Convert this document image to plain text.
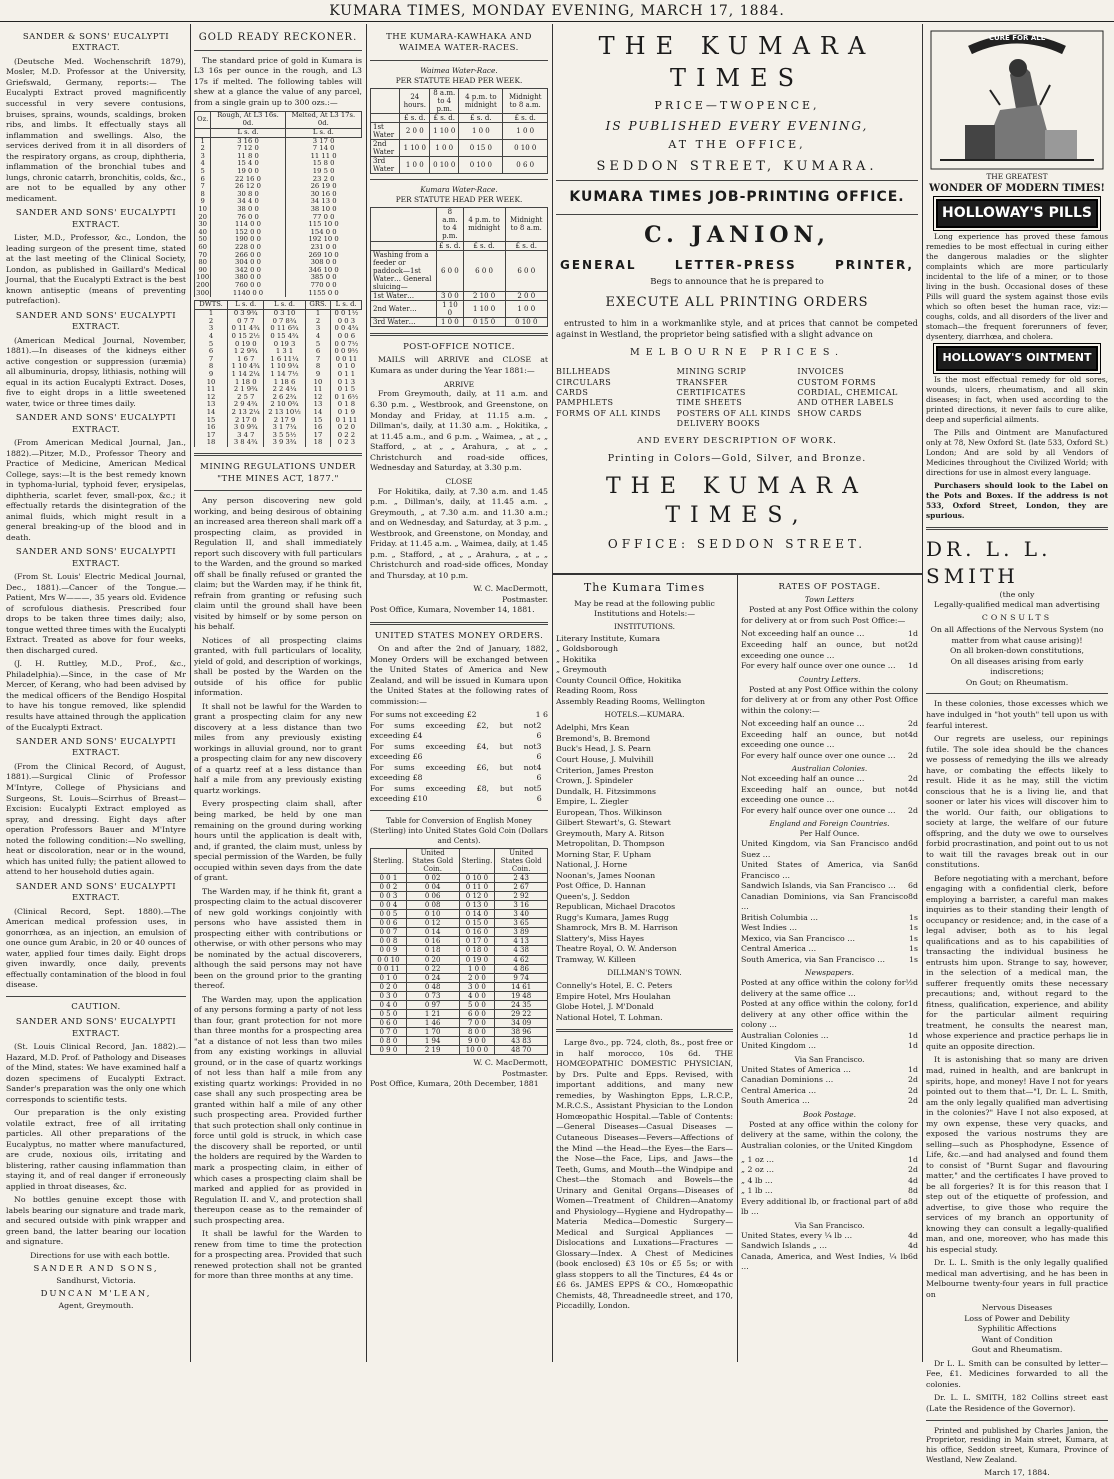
KUMARA TIMES, MONDAY EVENING, MARCH 17, 1884.
SANDER & SONS' EUCALYPTI EXTRACT.

(Deutsche Med. Wochenschrift 1879), Mosler, M.D. Professor at the University, Griefswald, Germany, reports:— The Eucalypti Extract proved magnificently successful in very severe contusions, bruises, sprains, wounds, scaldings, broken ribs, and limbs. It effectually stays all inflammation and swellings. Also, the services derived from it in all disorders of the respiratory organs, as croup, diphtheria, inflammation of the bronchial tubes and lungs, chronic catarrh, bronchitis, colds, &c., are not to be equalled by any other medicament.

SANDER AND SONS' EUCALYPTI EXTRACT.

Lister, M.D., Professor, &c., London, the leading surgeon of the present time, stated at the last meeting of the Clinical Society, London, as published in Gaillard's Medical Journal, that the Eucalypti Extract is the best known antiseptic (means of preventing putrefaction).

SANDER AND SONS' EUCALYPTI EXTRACT.

(American Medical Journal, November, 1881).—In diseases of the kidneys either active congestion or suppression (uræmia) all albuminuria, dropsy, lithiasis, nothing will equal in its action Eucalypti Extract. Doses, five to eight drops in a little sweetened water, twice or three times daily.

SANDER AND SONS' EUCALYPTI EXTRACT.

(From American Medical Journal, Jan., 1882).—Pitzer, M.D., Professor Theory and Practice of Medicine, American Medical College, says:—It is the best remedy known in typhoma-lurial, typhoid fever, erysipelas, diphtheria, scarlet fever, small-pox, &c.; it effectually retards the disintegration of the animal fluids, which might result in a general breaking-up of the blood and in death.

SANDER AND SONS' EUCALYPTI EXTRACT.

(From St. Louis' Electric Medical Journal, Dec., 1881).—Cancer of the Tongue.—Patient, Mrs W———, 35 years old. Evidence of scrofulous diathesis. Prescribed four drops to be taken three times daily; also, tongue wetted three times with the Eucalypti Extract. Treated as above for four weeks, then discharged cured.

(J. H. Ruttley, M.D., Prof., &c., Philadelphia).—Since, in the case of Mr Mercer, of Kerang, who had been advised by the medical officers of the Bendigo Hospital to have his tongue removed, like splendid results have attained through the application of the Eucalypti Extract.

SANDER AND SONS' EUCALYPTI EXTRACT.

(From the Clinical Record, of August, 1881).—Surgical Clinic of Professor M'Intyre, College of Physicians and Surgeons, St. Louis—Scirrhus of Breast—Excision: Eucalypti Extract employed as spray, and dressing. Eight days after operation Professors Bauer and M'Intyre noted the following condition:—No swelling, heat or discoloration, near or in the wound, which has united fully; the patient allowed to attend to her household duties again.

SANDER AND SONS' EUCALYPTI EXTRACT.

(Clinical Record, Sept. 1880).—The American medical profession uses, in gonorrhœa, as an injection, an emulsion of one ounce gum Arabic, in 20 or 40 ounces of water, applied four times daily. Eight drops given inwardly, once daily, prevents effectually contamination of the blood in foul disease.

CAUTION.
SANDER AND SONS' EUCALYPTI EXTRACT.

(St. Louis Clinical Record, Jan. 1882).—Hazard, M.D. Prof. of Pathology and Diseases of the Mind, states: We have examined half a dozen specimens of Eucalypti Extract. Sander's preparation was the only one which corresponds to scientific tests.

Our preparation is the only existing volatile extract, free of all irritating particles. All other preparations of the Eucalyptus, no matter where manufactured, are crude, noxious oils, irritating and blistering, rather causing inflammation than staying it, and of real danger if erroneously applied in throat diseases, &c.

No bottles genuine except those with labels bearing our signature and trade mark, and secured outside with pink wrapper and green band, the latter bearing our location and signature.

Directions for use with each bottle.

SANDER AND SONS,
Sandhurst, Victoria.
DUNCAN M'LEAN,
Agent, Greymouth.
GOLD READY RECKONER.

The standard price of gold in Kumara is L3 16s per ounce in the rough, and L3 17s if melted. The following tables will shew at a glance the value of any parcel, from a single grain up to 300 ozs.:—

Oz.	Rough, At L3 16s. 0d.	Melted, At L3 17s. 0d.
	L s. d.	L s. d.
1	3 16 0	3 17 0
2	7 12 0	7 14 0
3	11 8 0	11 11 0
4	15 4 0	15 8 0
5	19 0 0	19 5 0
6	22 16 0	23 2 0
7	26 12 0	26 19 0
8	30 8 0	30 16 0
9	34 4 0	34 13 0
10	38 0 0	38 10 0
20	76 0 0	77 0 0
30	114 0 0	115 10 0
40	152 0 0	154 0 0
50	190 0 0	192 10 0
60	228 0 0	231 0 0
70	266 0 0	269 10 0
80	304 0 0	308 0 0
90	342 0 0	346 10 0
100	380 0 0	385 0 0
200	760 0 0	770 0 0
300	1140 0 0	1155 0 0
DWTS.	L s. d.	L s. d.	GRS.	L s. d.
1	0 3 9¾	0 3 10	1	0 0 1½
2	0 7 7	0 7 8¾	2	0 0 3
3	0 11 4¾	0 11 6¾	3	0 0 4¾
4	0 15 2½	0 15 4¾	4	0 0 6
5	0 19 0	0 19 3	5	0 0 7½
6	1 2 9¾	1 3 1	6	0 0 9½
7	1 6 7	1 6 11¼	7	0 0 11
8	1 10 4¾	1 10 9¼	8	0 1 0
9	1 14 2¼	1 14 7½	9	0 1 1
10	1 18 0	1 18 6	10	0 1 3
11	2 1 9¾	2 2 4¼	11	0 1 5
12	2 5 7	2 6 2¾	12	0 1 6½
13	2 9 4¾	2 10 0¾	13	0 1 8
14	2 13 2¼	2 13 10½	14	0 1 9
15	2 17 0	2 17 9	15	0 1 11
16	3 0 9¾	3 1 7¼	16	0 2 0
17	3 4 7	3 5 5½	17	0 2 2
18	3 8 4¾	3 9 3¾	18	0 2 3
MINING REGULATIONS UNDER "THE MINES ACT, 1877."

Any person discovering new gold working, and being desirous of obtaining an increased area thereon shall mark off a prospecting claim, as provided in Regulation II, and shall immediately report such discovery with full particulars to the Warden, and the ground so marked off shall be finally refused or granted the claim; but the Warden may, if he think fit, refrain from granting or refusing such claim until the ground shall have been visited by himself or by some person on his behalf.

Notices of all prospecting claims granted, with full particulars of locality, yield of gold, and description of workings, shall be posted by the Warden on the outside of his office for public information.

It shall not be lawful for the Warden to grant a prospecting claim for any new discovery at a less distance than two miles from any previously existing workings in alluvial ground, nor to grant a prospecting claim for any new discovery of a quartz reef at a less distance than half a mile from any previously existing quartz workings.

Every prospecting claim shall, after being marked, be held by one man remaining on the ground during working hours until the application is dealt with, and, if granted, the claim must, unless by special permission of the Warden, be fully occupied within seven days from the date of grant.

The Warden may, if he think fit, grant a prospecting claim to the actual discoverer of new gold workings conjointly with persons who have assisted them in prospecting either with contributions or otherwise, or with other persons who may be nominated by the actual discoverers, although the said persons may not have been on the ground prior to the granting thereof.

The Warden may, upon the application of any persons forming a party of not less than four, grant protection for not more than three months for a prospecting area "at a distance of not less than two miles from any existing workings in alluvial ground, or in the case of quartz workings of not less than half a mile from any existing quartz workings: Provided in no case shall any such prospecting area be granted within half a mile of any other such prospecting area. Provided further that such protection shall only continue in force until gold is struck, in which case the discovery shall be reported, or until the holders are required by the Warden to mark a prospecting claim, in either of which cases a prospecting claim shall be marked and applied for as provided in Regulation II. and V., and protection shall thereupon cease as to the remainder of such prospecting area.

It shall be lawful for the Warden to renew from time to time the protection for a prospecting area. Provided that such renewed protection shall not be granted for more than three months at any time.

THE KUMARA-KAWHAKA AND WAIMEA WATER-RACES.
Waimea Water-Race.
PER STATUTE HEAD PER WEEK.
	24 hours.	8 a.m. to 4 p.m.	4 p.m. to midnight	Midnight to 8 a.m.
	£ s. d.	£ s. d.	£ s. d.	£ s. d.
1st Water	2 0 0	1 10 0	1 0 0	1 0 0
2nd Water	1 10 0	1 0 0	0 15 0	0 10 0
3rd Water	1 0 0	0 10 0	0 10 0	0 6 0
Kumara Water-Race.
PER STATUTE HEAD PER WEEK.
	8 a.m. to 4 p.m.	4 p.m. to midnight	Midnight to 8 a.m.
	£ s. d.	£ s. d.	£ s. d.
Washing from a feeder or paddock—1st Water… General sluicing—	6 0 0	6 0 0	6 0 0
1st Water…	3 0 0	2 10 0	2 0 0
2nd Water…	1 10 0	1 10 0	1 0 0
3rd Water…	1 0 0	0 15 0	0 10 0
POST-OFFICE NOTICE.

MAILS will ARRIVE and CLOSE at Kumara as under during the Year 1881:—

ARRIVE

From Greymouth, daily, at 11 a.m. and 6.30 p.m. „ Westbrook, and Greenstone, on Monday and Friday, at 11.15 a.m. „ Dillman's, daily, at 11.30 a.m. „ Hokitika, „ at 11.45 a.m., and 6 p.m. „ Waimea, „ at „ „ Stafford, „ at „ „ Arahura, „ at „ „ Christchurch and road-side offices, Wednesday and Saturday, at 3.30 p.m.

CLOSE

For Hokitika, daily, at 7.30 a.m. and 1.45 p.m. „ Dillman's, daily, at 11.45 a.m. „ Greymouth, „ at 7.30 a.m. and 11.30 a.m.; and on Wednesday, and Saturday, at 3 p.m. „ Westbrook, and Greenstone, on Monday, and Friday. at 11.45 a.m. „ Waimea, daily, at 1.45 p.m. „ Stafford, „ at „ „ Arahura, „ at „ „ Christchurch and road-side offices, Monday and Thursday, at 10 p.m.

W. C. MacDermott,
Postmaster.
Post Office, Kumara, November 14, 1881.
UNITED STATES MONEY ORDERS.

On and after the 2nd of January, 1882, Money Orders will be exchanged between the United States of America and New Zealand, and will be issued in Kumara upon the United States at the following rates of commission:—

For sums not exceeding £2	1 6
For sums exceeding £2, but not exceeding £4
2 6
For sums exceeding £4, but not exceeding £6
3 6
For sums exceeding £6, but not exceeding £8
4 6
For sums exceeding £8, but not exceeding £10
5 6
Table for Conversion of English Money (Sterling) into United States Gold Coin (Dollars and Cents).
Sterling.	United States Gold Coin.	Sterling.	United States Gold Coin.
0 0 1	0 02	0 10 0	2 43
0 0 2	0 04	0 11 0	2 67
0 0 3	0 06	0 12 0	2 92
0 0 4	0 08	0 13 0	3 16
0 0 5	0 10	0 14 0	3 40
0 0 6	0 12	0 15 0	3 65
0 0 7	0 14	0 16 0	3 89
0 0 8	0 16	0 17 0	4 13
0 0 9	0 18	0 18 0	4 38
0 0 10	0 20	0 19 0	4 62
0 0 11	0 22	1 0 0	4 86
0 1 0	0 24	2 0 0	9 74
0 2 0	0 48	3 0 0	14 61
0 3 0	0 73	4 0 0	19 48
0 4 0	0 97	5 0 0	24 35
0 5 0	1 21	6 0 0	29 22
0 6 0	1 46	7 0 0	34 09
0 7 0	1 70	8 0 0	38 96
0 8 0	1 94	9 0 0	43 83
0 9 0	2 19	10 0 0	48 70
W. C. MacDermott,
Postmaster.
Post Office, Kumara, 20th December, 1881
THE KUMARA TIMES
PRICE—TWOPENCE,
IS PUBLISHED EVERY EVENING,
AT THE OFFICE,
SEDDON STREET, KUMARA.
KUMARA TIMES JOB-PRINTING OFFICE.
C. JANION,
GENERAL	LETTER-PRESS	PRINTER,
Begs to announce that he is prepared to
EXECUTE ALL PRINTING ORDERS

entrusted to him in a workmanlike style, and at prices that cannot be competed against in Westland, the proprietor being satisfied with a slight advance on

MELBOURNE PRICES.
BILLHEADS
CIRCULARS
CARDS
PAMPHLETS
FORMS OF ALL KINDS
MINING SCRIP
TRANSFER CERTIFICATES
TIME SHEETS
POSTERS OF ALL KINDS
DELIVERY BOOKS
INVOICES
CUSTOM FORMS
CORDIAL, CHEMICAL
AND OTHER LABELS
SHOW CARDS
AND EVERY DESCRIPTION OF WORK.
Printing in Colors—Gold, Silver, and Bronze.
THE KUMARA TIMES,
OFFICE: SEDDON STREET.
The Kumara Times

May be read at the following public Institutions and Hotels:—

INSTITUTIONS.
Literary Institute, Kumara
„ Goldsborough
„ Hokitika
„ Greymouth
County Council Office, Hokitika
Reading Room, Ross
Assembly Reading Rooms, Wellington
HOTELS.—KUMARA.
Adelphi, Mrs Kean
Bremond's, B. Bremond
Buck's Head, J. S. Pearn
Court House, J. Mulvihill
Criterion, James Preston
Crown, J. Spindeler
Dundalk, H. Fitzsimmons
Empire, L. Ziegler
European, Thos. Wilkinson
Gilbert Stewart's, G. Stewart
Greymouth, Mary A. Ritson
Metropolitan, D. Thompson
Morning Star, F. Upham
National, J. Horne
Noonan's, James Noonan
Post Office, D. Hannan
Queen's, J. Seddon
Republican, Michael Dracotos
Rugg's Kumara, James Rugg
Shamrock, Mrs B. M. Harrison
Slattery's, Miss Hayes
Theatre Royal, O. W. Anderson
Tramway, W. Killeen
DILLMAN'S TOWN.
Connelly's Hotel, E. C. Peters
Empire Hotel, Mrs Houlahan
Globe Hotel, J. M'Donald
National Hotel, T. Lohman.

Large 8vo., pp. 724, cloth, 8s., post free or in half morocco, 10s 6d. THE HOMŒOPATHIC DOMESTIC PHYSICIAN, by Drs. Pulte and Epps. Revised, with important additions, and many new remedies, by Washington Epps, L.R.C.P., M.R.C.S., Assistant Physician to the London Homœopathic Hospital.—Table of Contents:—General Diseases—Casual Diseases — Cutaneous Diseases—Fevers—Affections of the Mind —the Head—the Eyes—the Ears—the Nose—the Face, Lips, and Jaws—the Teeth, Gums, and Mouth—the Windpipe and Chest—the Stomach and Bowels—the Urinary and Genital Organs—Diseases of Women—Treatment of Children—Anatomy and Physiology—Hygiene and Hydropathy—Materia Medica—Domestic Surgery—Medical and Surgical Appliances —Dislocations and Luxations—Fractures —Glossary—Index. A Chest of Medicines (book enclosed) £3 10s or £5 5s; or with glass stoppers to all the Tinctures, £4 4s or £6 6s. JAMES EPPS & CO., Homœopathic Chemists, 48, Threadneedle street, and 170, Piccadilly, London.

RATES OF POSTAGE.
Town Letters

Posted at any Post Office within the colony for delivery at or from such Post Office:—

Not exceeding half an ounce …	1d
Exceeding half an ounce, but not exceeding one ounce …
2d
For every half ounce over one ounce … 1d
Country Letters.

Posted at any Post Office within the colony for delivery at or from any other Post Office within the colony:—

Not exceeding half an ounce …	2d
Exceeding half an ounce, but not exceeding one ounce …
4d
For every half ounce over one ounce … 2d
Australian Colonies.
Not exceeding half an ounce …	2d
Exceeding half an ounce, but not exceeding one ounce …
4d
For every half ounce over one ounce … 2d
England and Foreign Countries.
Per Half Ounce.
United Kingdom, via San Francisco and Suez …
6d
United States of America, via San Francisco …
6d
Sandwich Islands, via San Francisco … 6d
Canadian Dominions, via San Francisco …
8d
British Columbia …	1s
West Indies …	1s
Mexico, via San Francisco …	1s
Central America …	1s
South America, via San Francisco …	1s
Newspapers.
Posted at any office within the colony for delivery at the same office …
½d
Posted at any office within the colony, for delivery at any other office within the colony …
1d
Australian Colonies …	1d
United Kingdom …	1d
Via San Francisco.
United States of America …	1d
Canadian Dominions …	2d
Central America …	2d
South America …	2d
Book Postage.

Posted at any office within the colony for delivery at the same, within the colony, the Australian colonies, or the United Kingdom

„ 1 oz …	1d
„ 2 oz …	2d
„ 4 lb …	4d
„ 1 lb …	8d
Every additional lb, or fractional part of a lb …
8d
Via San Francisco.
United States, every ¼ lb …	4d
Sandwich Islands „ …	4d
Canada, America, and West Indies, ¼ lb …
6d
CURE FOR ALL
THE GREATEST
WONDER OF MODERN TIMES!
HOLLOWAY'S PILLS

Long experience has proved these famous remedies to be most effectual in curing either the dangerous maladies or the slighter complaints which are more particularly incidental to the life of a miner, or to those living in the bush. Occasional doses of these Pills will guard the system against those evils which so often beset the human race, viz:—coughs, colds, and all disorders of the liver and stomach—the frequent forerunners of fever, dysentery, diarrhœa, and cholera.

HOLLOWAY'S OINTMENT

Is the most effectual remedy for old sores, wounds, ulcers, rheumatism, and all skin diseases; in fact, when used according to the printed directions, it never fails to cure alike, deep and superficial ailments.

The Pills and Ointment are Manufactured only at 78, New Oxford St. (late 533, Oxford St.) London; And are sold by all Vendors of Medicines throughout the Civilized World; with directions for use in almost every language.

Purchasers should look to the Label on the Pots and Boxes. If the address is not 533, Oxford Street, London, they are spurious.

DR. L. L. SMITH
(the only
Legally-qualified medical man advertising
CONSULTS
On all Affections of the Nervous System (no matter from what cause arising)!
On all broken-down constitutions,
On all diseases arising from early indiscretions;
On Gout; on Rheumatism.

In these colonies, those excesses which we have indulged in "hot youth" tell upon us with fearful interest.

Our regrets are useless, our repinings futile. The sole idea should be the chances we possess of remedying the ills we already have, or combating the effects likely to result. Hide it as he may, still the victim conscious that he is a living lie, and that sooner or later his vices will discover him to the world. Our faith, our obligations to society at large, the welfare of our future offspring, and the duty we owe to ourselves forbid procrastination, and point out to us not to wait till the ravages break out in our constitutions.

Before negotiating with a merchant, before engaging with a confidential clerk, before employing a barrister, a careful man makes inquiries as to their standing their length of occupancy or residence; and, in the case of a legal adviser, both as to his legal qualifications and as to his capabilities of transacting the individual business he entrusts him upon. Strange to say, however, in the selection of a medical man, the sufferer frequently omits these necessary precautions; and, without regard to the fitness, qualification, experience, and ability for the particular ailment requiring treatment, he consults the nearest man, whose experience and practice perhaps lie in quite an opposite direction.

It is astonishing that so many are driven mad, ruined in health, and are bankrupt in spirits, hope, and money! Have I not for years pointed out to them that—"I, Dr. L. L. Smith, am the only legally qualified man advertising in the colonies?" Have I not also exposed, at my own expense, these very quacks, and exposed the various nostrums they are selling—such as Phosphodyne, Essence of Life, &c.—and had analysed and found them to consist of "Burnt Sugar and flavouring matter," and the certificates I have proved to be all forgeries? It is for this reason that I step out of the etiquette of profession, and advertise, to give those who require the services of my branch an opportunity of knowing they can consult a legally-qualified man, and one, moreover, who has made this his especial study.

Dr. L. L. Smith is the only legally qualified medical man advertising, and he has been in Melbourne twenty-four years in full practice on

Nervous Diseases
Loss of Power and Debility
Syphilitic Affections
Want of Condition
Gout and Rheumatism.

Dr L. L. Smith can be consulted by letter—Fee, £1. Medicines forwarded to all the colonies.

Dr. L. L. SMITH, 182 Collins street east (Late the Residence of the Governor).

Printed and published by Charles Janion, the Proprietor, residing in Main street, Kumara, at his office, Seddon street, Kumara, Province of Westland, New Zealand.

March 17, 1884.
